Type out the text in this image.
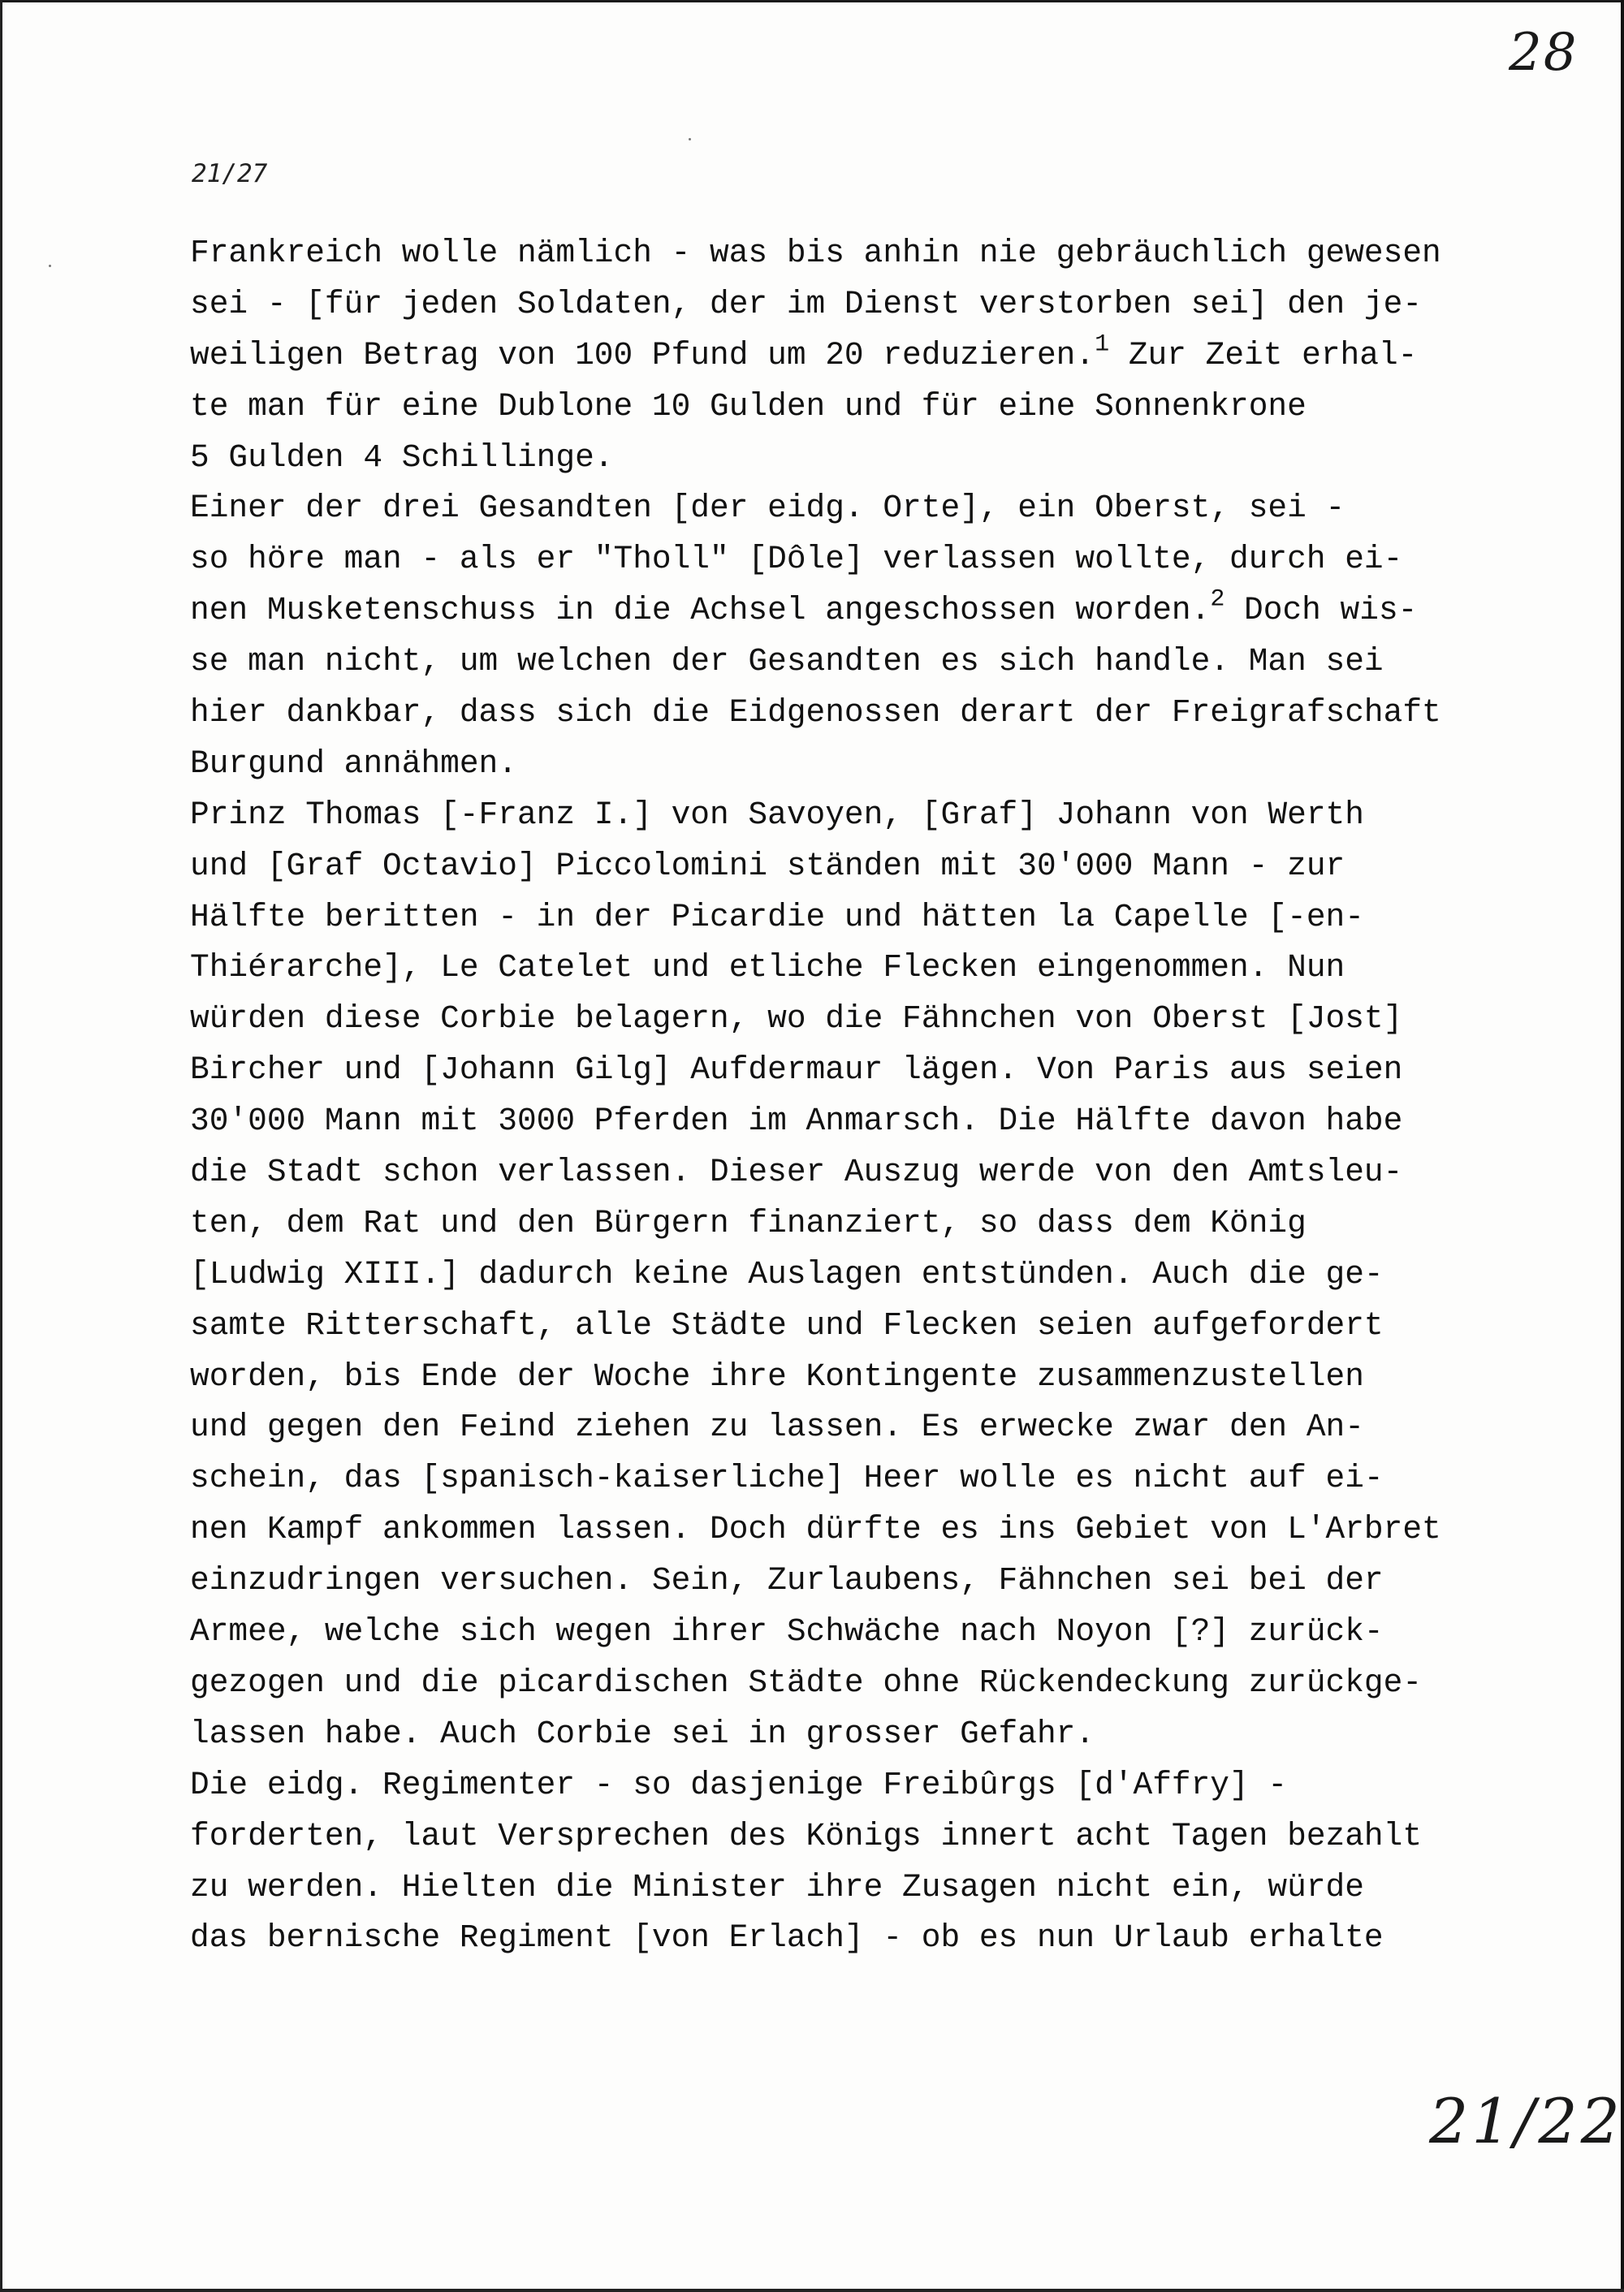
28
21/27
Frankreich wolle nämlich - was bis anhin nie gebräuchlich gewesen
sei - [für jeden Soldaten, der im Dienst verstorben sei] den je-
weiligen Betrag von 100 Pfund um 20 reduzieren.$^1$ Zur Zeit erhal-
te man für eine Dublone 10 Gulden und für eine Sonnenkrone
5 Gulden 4 Schillinge.
Einer der drei Gesandten [der eidg. Orte], ein Oberst, sei -
so höre man - als er "Tholl" [Dôle] verlassen wollte, durch ei-
nen Musketenschuss in die Achsel angeschossen worden.$^2$ Doch wis-
se man nicht, um welchen der Gesandten es sich handle. Man sei
hier dankbar, dass sich die Eidgenossen derart der Freigrafschaft
Burgund annähmen.
Prinz Thomas [-Franz I.] von Savoyen, [Graf] Johann von Werth
und [Graf Octavio] Piccolomini ständen mit 30'000 Mann - zur
Hälfte beritten - in der Picardie und hätten la Capelle [-en-
Thiérarche], Le Catelet und etliche Flecken eingenommen. Nun
würden diese Corbie belagern, wo die Fähnchen von Oberst [Jost]
Bircher und [Johann Gilg] Aufdermaur lägen. Von Paris aus seien
30'000 Mann mit 3000 Pferden im Anmarsch. Die Hälfte davon habe
die Stadt schon verlassen. Dieser Auszug werde von den Amtsleu-
ten, dem Rat und den Bürgern finanziert, so dass dem König
[Ludwig XIII.] dadurch keine Auslagen entstünden. Auch die ge-
samte Ritterschaft, alle Städte und Flecken seien aufgefordert
worden, bis Ende der Woche ihre Kontingente zusammenzustellen
und gegen den Feind ziehen zu lassen. Es erwecke zwar den An-
schein, das [spanisch-kaiserliche] Heer wolle es nicht auf ei-
nen Kampf ankommen lassen. Doch dürfte es ins Gebiet von L'Arbret
einzudringen versuchen. Sein, Zurlaubens, Fähnchen sei bei der
Armee, welche sich wegen ihrer Schwäche nach Noyon [?] zurück-
gezogen und die picardischen Städte ohne Rückendeckung zurückge-
lassen habe. Auch Corbie sei in grosser Gefahr.
Die eidg. Regimenter - so dasjenige Freibûrgs [d'Affry] -
forderten, laut Versprechen des Königs innert acht Tagen bezahlt
zu werden. Hielten die Minister ihre Zusagen nicht ein, würde
das bernische Regiment [von Erlach] - ob es nun Urlaub erhalte
21/22
